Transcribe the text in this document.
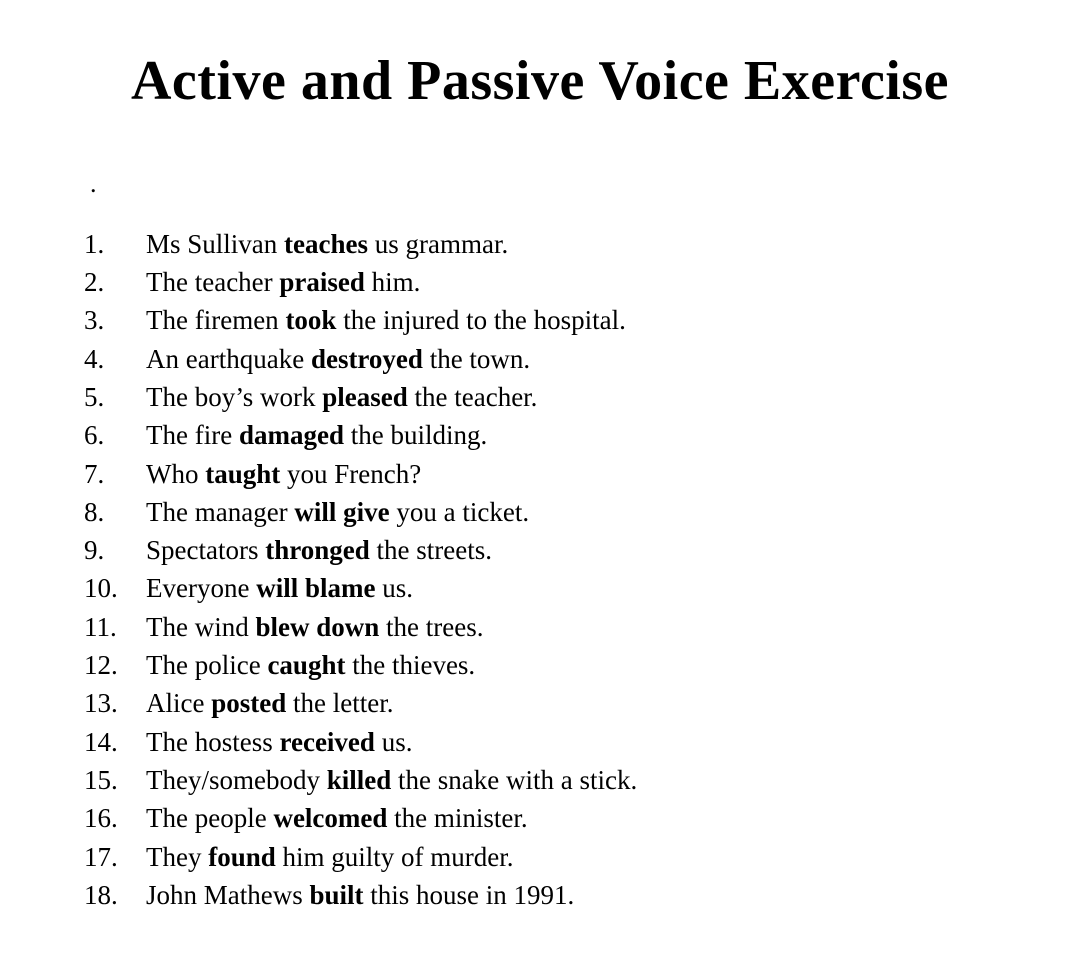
Active and Passive Voice Exercise

.

1.	Ms Sullivan teaches us grammar.
2.	The teacher praised him.
3.	The firemen took the injured to the hospital.
4.	An earthquake destroyed the town.
5.	The boy’s work pleased the teacher.
6.	The fire damaged the building.
7.	Who taught you French?
8.	The manager will give you a ticket.
9.	Spectators thronged the streets.
10.	Everyone will blame us.
11.	The wind blew down the trees.
12.	The police caught the thieves.
13.	Alice posted the letter.
14.	The hostess received us.
15.	They/somebody killed the snake with a stick.
16.	The people welcomed the minister.
17.	They found him guilty of murder.
18.	John Mathews built this house in 1991.
